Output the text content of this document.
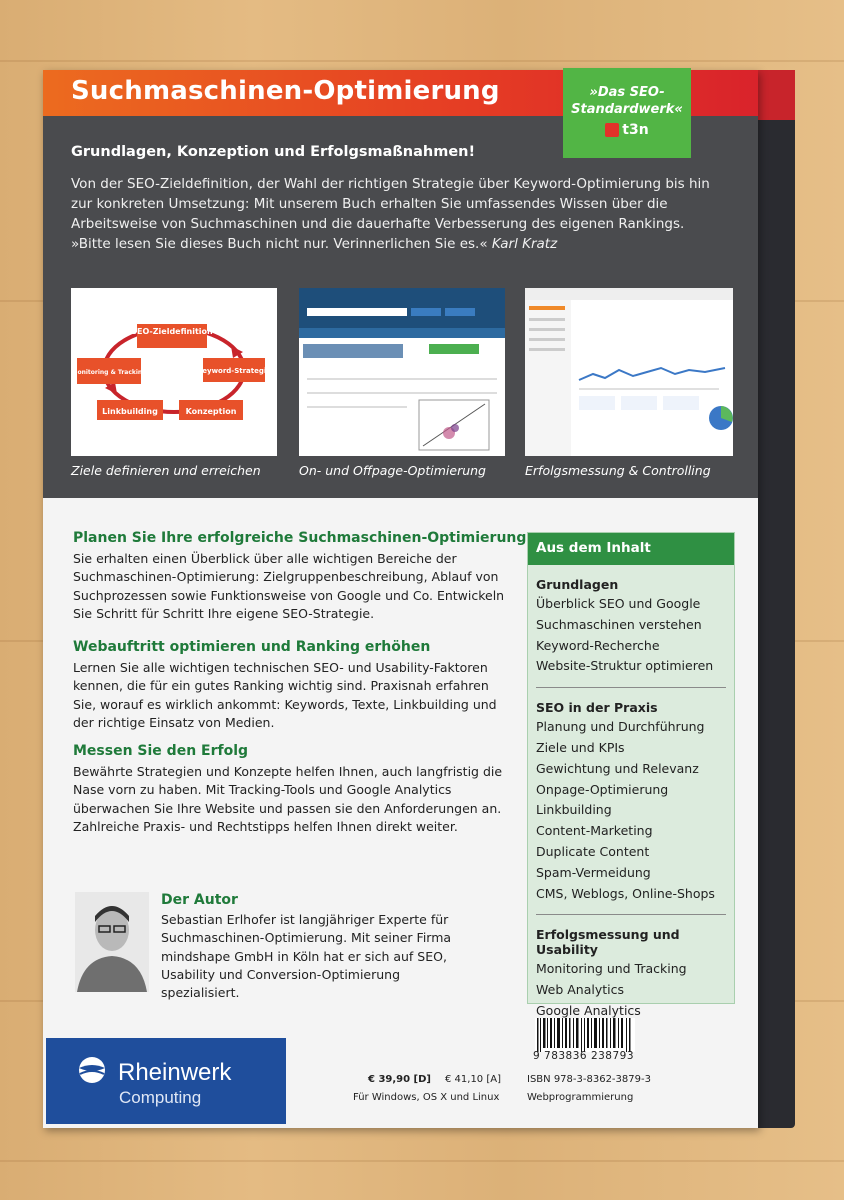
Suchmaschinen-Optimierung	»Das SEO-Standardwerk«
t3n
Grundlagen, Konzeption und Erfolgsmaßnahmen!
Von der SEO-Zieldefinition, der Wahl der richtigen Strategie über Keyword-Optimierung bis hin zur konkreten Umsetzung: Mit unserem Buch erhalten Sie umfassendes Wissen über die Arbeitsweise von Suchmaschinen und die dauerhafte Verbesserung des eigenen Rankings. »Bitte lesen Sie dieses Buch nicht nur. Verinnerlichen Sie es.« Karl Kratz
SEO-Zieldefinition
Keyword-Strategie
Konzeption
Linkbuilding
Monitoring & Tracking
Ziele definieren und erreichen	On- und Offpage-Optimierung	Erfolgsmessung & Controlling
Planen Sie Ihre erfolgreiche Suchmaschinen-Optimierung
Sie erhalten einen Überblick über alle wichtigen Bereiche der Suchmaschinen-Optimierung: Zielgruppenbeschreibung, Ablauf von Suchprozessen sowie Funktionsweise von Google und Co. Entwickeln Sie Schritt für Schritt Ihre eigene SEO-Strategie.
Webauftritt optimieren und Ranking erhöhen
Lernen Sie alle wichtigen technischen SEO- und Usability-Faktoren kennen, die für ein gutes Ranking wichtig sind. Praxisnah erfahren Sie, worauf es wirklich ankommt: Keywords, Texte, Linkbuilding und der richtige Einsatz von Medien.
Messen Sie den Erfolg
Bewährte Strategien und Konzepte helfen Ihnen, auch langfristig die Nase vorn zu haben. Mit Tracking-Tools und Google Analytics überwachen Sie Ihre Website und passen sie den Anforderungen an. Zahlreiche Praxis- und Rechtstipps helfen Ihnen direkt weiter.
Der Autor
Sebastian Erlhofer ist langjähriger Experte für Suchmaschinen-Optimierung. Mit seiner Firma mindshape GmbH in Köln hat er sich auf SEO, Usability und Conversion-Optimierung spezialisiert.
Aus dem Inhalt
Grundlagen
Überblick SEO und Google
Suchmaschinen verstehen
Keyword-Recherche
Website-Struktur optimieren
SEO in der Praxis
Planung und Durchführung
Ziele und KPIs
Gewichtung und Relevanz
Onpage-Optimierung
Linkbuilding
Content-Marketing
Duplicate Content
Spam-Vermeidung
CMS, Weblogs, Online-Shops
Erfolgsmessung und Usability
Monitoring und Tracking
Web Analytics
Google Analytics
Rheinwerk
Computing
9 783836 238793
€ 39,90 [D] € 41,10 [A]
Für Windows, OS X und Linux
ISBN 978-3-8362-3879-3
Webprogrammierung
